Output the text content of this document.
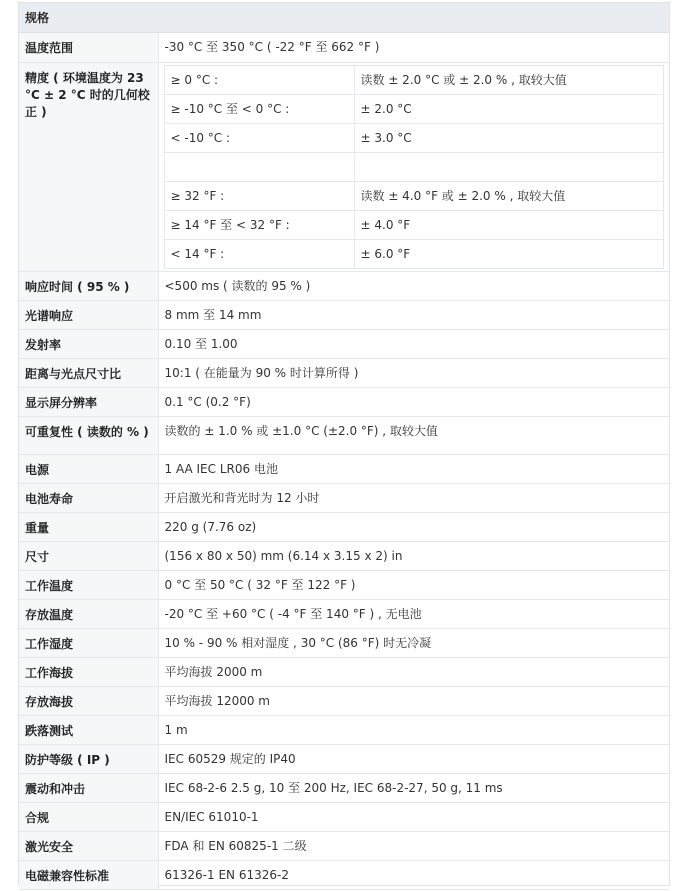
规格
温度范围	-30 °C 至 350 °C ( -22 °F 至 662 °F )
精度 ( 环境温度为 23 °C ± 2 °C 时的几何校正 )	
≥ 0 °C :	读数 ± 2.0 °C 或 ± 2.0 % , 取较大值
≥ -10 °C 至 < 0 °C :	± 2.0 °C
< -10 °C :	± 3.0 °C

≥ 32 °F :	读数 ± 4.0 °F 或 ± 2.0 % , 取较大值
≥ 14 °F 至 < 32 °F :	± 4.0 °F
< 14 °F :	± 6.0 °F

响应时间 ( 95 % )	<500 ms ( 读数的 95 % )
光谱响应	8 mm 至 14 mm
发射率	0.10 至 1.00
距离与光点尺寸比	10:1 ( 在能量为 90 % 时计算所得 )
显示屏分辨率	0.1 °C (0.2 °F)
可重复性 ( 读数的 % )	读数的 ± 1.0 % 或 ±1.0 °C (±2.0 °F) , 取较大值
电源	1 AA IEC LR06 电池
电池寿命	开启激光和背光时为 12 小时
重量	220 g (7.76 oz)
尺寸	(156 x 80 x 50) mm (6.14 x 3.15 x 2) in
工作温度	0 °C 至 50 °C ( 32 °F 至 122 °F )
存放温度	-20 °C 至 +60 °C ( -4 °F 至 140 °F ) , 无电池
工作湿度	10 % - 90 % 相对湿度 , 30 °C (86 °F) 时无冷凝
工作海拔	平均海拔 2000 m
存放海拔	平均海拔 12000 m
跌落测试	1 m
防护等级 ( IP )	IEC 60529 规定的 IP40
震动和冲击	IEC 68-2-6 2.5 g, 10 至 200 Hz, IEC 68-2-27, 50 g, 11 ms
合规	EN/IEC 61010-1
激光安全	FDA 和 EN 60825-1 二级
电磁兼容性标准	61326-1 EN 61326-2
